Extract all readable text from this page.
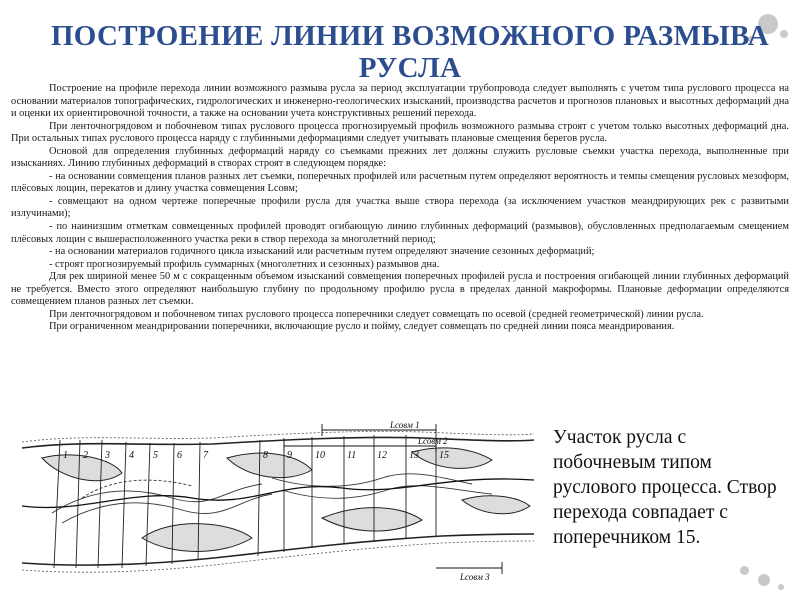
ПОСТРОЕНИЕ ЛИНИИ ВОЗМОЖНОГО РАЗМЫВА РУСЛА

Построение на профиле перехода линии возможного размыва русла за период эксплуатации трубопровода следует выполнять с учетом типа руслового процесса на основании материалов топографических, гидрологических и инженерно-геологических изысканий, производства расчетов и прогнозов плановых и высотных деформаций дна и оценки их ориентировочной точности, а также на основании учета конструктивных решений перехода.

При ленточногрядовом и побочневом типах руслового процесса прогнозируемый профиль возможного размыва строят с учетом только высотных деформаций дна. При остальных типах руслового процесса наряду с глубинными деформациями следует учитывать плановые смещения берегов русла.

Основой для определения глубинных деформаций наряду со съемками прежних лет должны служить русловые съемки участка перехода, выполненные при изысканиях. Линию глубинных деформаций в створах строят в следующем порядке:

- на основании совмещения планов разных лет съемки, поперечных профилей или расчетным путем определяют вероятность и темпы смещения русловых мезоформ, плёсовых лощин, перекатов и длину участка совмещения Lсовм;

- совмещают на одном чертеже поперечные профили русла для участка выше створа перехода (за исключением участков меандрирующих рек с развитыми излучинами);

- по наинизшим отметкам совмещенных профилей проводят огибающую линию глубинных деформаций (размывов), обусловленных предполагаемым смещением плёсовых лощин с вышерасположенного участка реки в створ перехода за многолетний период;

- на основании материалов годичного цикла изысканий или расчетным путем определяют значение сезонных деформаций;

- строят прогнозируемый профиль суммарных (многолетних и сезонных) размывов дна.

Для рек шириной менее 50 м с сокращенным объемом изысканий совмещения поперечных профилей русла и построения огибающей линии глубинных деформаций не требуется. Вместо этого определяют наибольшую глубину по продольному профилю русла в пределах данной макроформы. Плановые деформации определяются совмещением планов разных лет съемки.

При ленточногрядовом и побочневом типах руслового процесса поперечники следует совмещать по осевой (средней геометрической) линии русла.

При ограниченном меандрировании поперечники, включающие русло и пойму, следует совмещать по средней линии пояса меандрирования.

1 2 3 4 5 6 7	8 9 10 11 12 13 15
Lсовм 1
Lсовм 2
Lсовм 3
Участок русла с побочневым типом руслового процесса. Створ перехода совпадает с поперечником 15.
